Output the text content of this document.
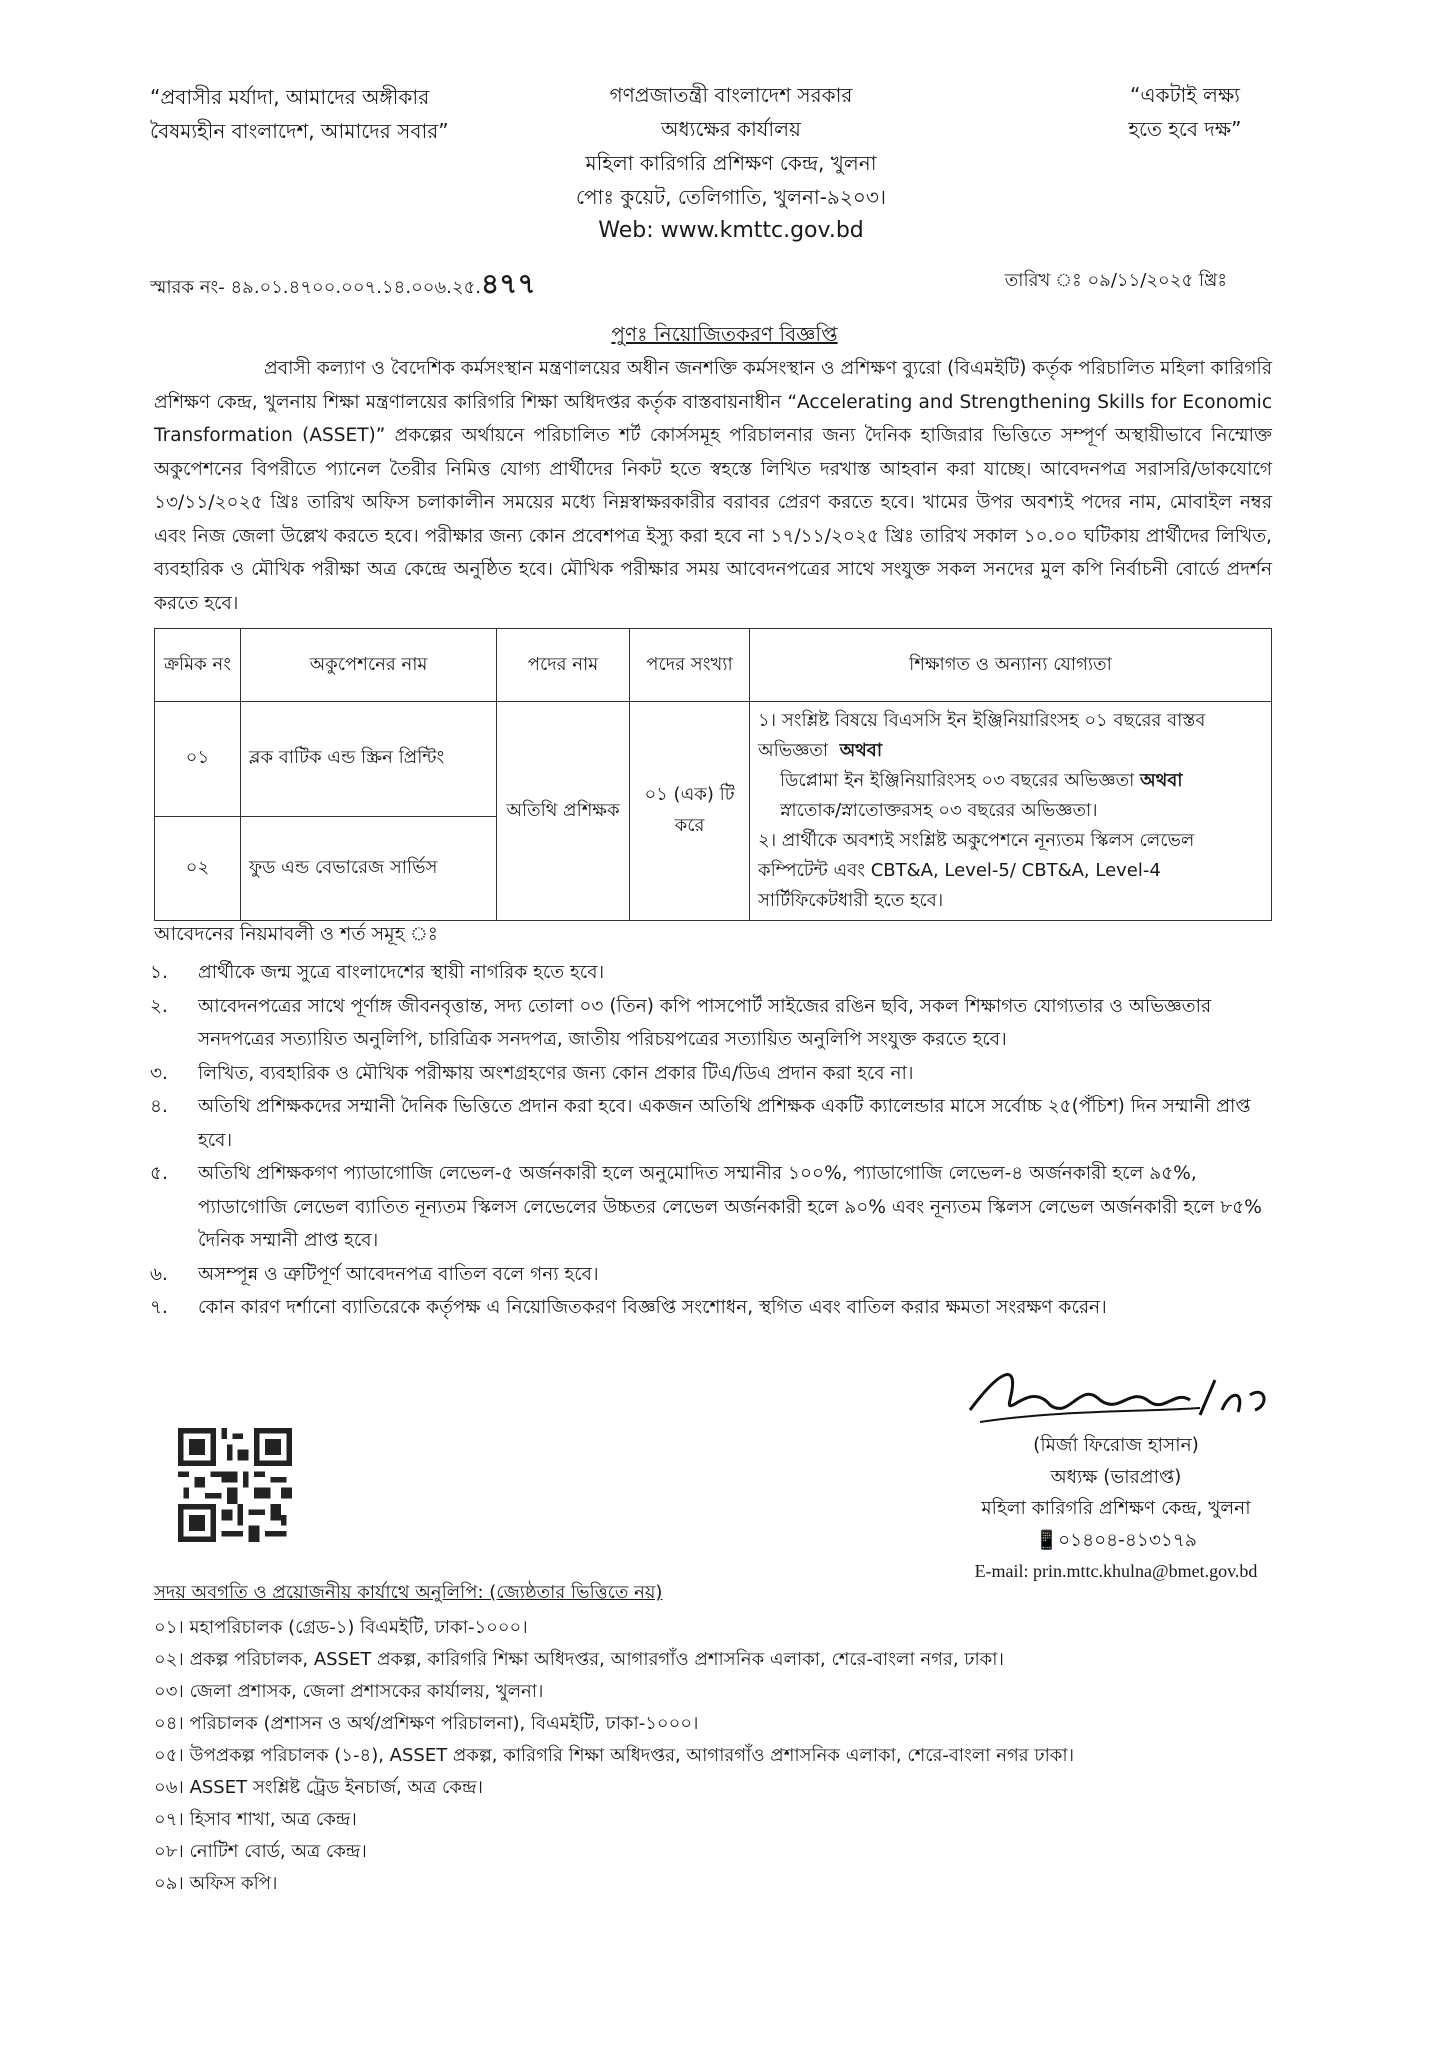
“প্রবাসীর মর্যাদা, আমাদের অঙ্গীকার
বৈষম্যহীন বাংলাদেশ, আমাদের সবার”
গণপ্রজাতন্ত্রী বাংলাদেশ সরকার
অধ্যক্ষের কার্যালয়
মহিলা কারিগরি প্রশিক্ষণ কেন্দ্র, খুলনা
পোঃ কুয়েট, তেলিগাতি, খুলনা-৯২০৩।
Web: www.kmttc.gov.bd
“একটাই লক্ষ্য
হতে হবে দক্ষ”
স্মারক নং- ৪৯.০১.৪৭০০.০০৭.১৪.০০৬.২৫.৪৭৭	তারিখ ঃ ০৯/১১/২০২৫ খ্রিঃ
পুণঃ নিয়োজিতকরণ বিজ্ঞপ্তি
প্রবাসী কল্যাণ ও বৈদেশিক কর্মসংস্থান মন্ত্রণালয়ের অধীন জনশক্তি কর্মসংস্থান ও প্রশিক্ষণ ব্যুরো (বিএমইটি) কর্তৃক পরিচালিত মহিলা কারিগরি প্রশিক্ষণ কেন্দ্র, খুলনায় শিক্ষা মন্ত্রণালয়ের কারিগরি শিক্ষা অধিদপ্তর কর্তৃক বাস্তবায়নাধীন “Accelerating and Strengthening Skills for Economic Transformation (ASSET)” প্রকল্পের অর্থায়নে পরিচালিত শর্ট কোর্সসমূহ পরিচালনার জন্য দৈনিক হাজিরার ভিত্তিতে সম্পূর্ণ অস্থায়ীভাবে নিম্মোক্ত অকুপেশনের বিপরীতে প্যানেল তৈরীর নিমিত্ত যোগ্য প্রার্থীদের নিকট হতে স্বহস্তে লিখিত দরখাস্ত আহবান করা যাচ্ছে। আবেদনপত্র সরাসরি/ডাকযোগে ১৩/১১/২০২৫ খ্রিঃ তারিখ অফিস চলাকালীন সময়ের মধ্যে নিম্নস্বাক্ষরকারীর বরাবর প্রেরণ করতে হবে। খামের উপর অবশ্যই পদের নাম, মোবাইল নম্বর এবং নিজ জেলা উল্লেখ করতে হবে। পরীক্ষার জন্য কোন প্রবেশপত্র ইস্যু করা হবে না ১৭/১১/২০২৫ খ্রিঃ তারিখ সকাল ১০.০০ ঘটিকায় প্রার্থীদের লিখিত, ব্যবহারিক ও মৌখিক পরীক্ষা অত্র কেন্দ্রে অনুষ্ঠিত হবে। মৌখিক পরীক্ষার সময় আবেদনপত্রের সাথে সংযুক্ত সকল সনদের মুল কপি নির্বাচনী বোর্ডে প্রদর্শন করতে হবে।
ক্রমিক নং	অকুপেশনের নাম	পদের নাম	পদের সংখ্যা	শিক্ষাগত ও অন্যান্য যোগ্যতা
০১	ব্লক বাটিক এন্ড স্ক্রিন প্রিন্টিং	অতিথি প্রশিক্ষক	০১ (এক) টি করে	১। সংশ্লিষ্ট বিষয়ে বিএসসি ইন ইঞ্জিনিয়ারিংসহ ০১ বছরের বাস্তব অভিজ্ঞতা অথবা
ডিপ্লোমা ইন ইঞ্জিনিয়ারিংসহ ০৩ বছরের অভিজ্ঞতা অথবা
স্নাতোক/স্নাতোক্তরসহ ০৩ বছরের অভিজ্ঞতা।
২। প্রার্থীকে অবশ্যই সংশ্লিষ্ট অকুপেশনে নূন্যতম স্কিলস লেভেল কম্পিটেন্ট এবং CBT&A, Level-5/ CBT&A, Level-4 সার্টিফিকেটধারী হতে হবে।

০২	ফুড এন্ড বেভারেজ সার্ভিস			
আবেদনের নিয়মাবলী ও শর্ত সমূহ ঃ
১.	প্রার্থীকে জন্ম সুত্রে বাংলাদেশের স্থায়ী নাগরিক হতে হবে।
২.	আবেদনপত্রের সাথে পূর্ণাঙ্গ জীবনবৃত্তান্ত, সদ্য তোলা ০৩ (তিন) কপি পাসপোর্ট সাইজের রঙিন ছবি, সকল শিক্ষাগত যোগ্যতার ও অভিজ্ঞতার সনদপত্রের সত্যায়িত অনুলিপি, চারিত্রিক সনদপত্র, জাতীয় পরিচয়পত্রের সত্যায়িত অনুলিপি সংযুক্ত করতে হবে।
৩.	লিখিত, ব্যবহারিক ও মৌখিক পরীক্ষায় অংশগ্রহণের জন্য কোন প্রকার টিএ/ডিএ প্রদান করা হবে না।
৪.	অতিথি প্রশিক্ষকদের সম্মানী দৈনিক ভিত্তিতে প্রদান করা হবে। একজন অতিথি প্রশিক্ষক একটি ক্যালেন্ডার মাসে সর্বোচ্চ ২৫(পঁচিশ) দিন সম্মানী প্রাপ্ত হবে।
৫.	অতিথি প্রশিক্ষকগণ প্যাডাগোজি লেভেল-৫ অর্জনকারী হলে অনুমোদিত সম্মানীর ১০০%, প্যাডাগোজি লেভেল-৪ অর্জনকারী হলে ৯৫%, প্যাডাগোজি লেভেল ব্যাতিত নূন্যতম স্কিলস লেভেলের উচ্চতর লেভেল অর্জনকারী হলে ৯০% এবং নূন্যতম স্কিলস লেভেল অর্জনকারী হলে ৮৫% দৈনিক সম্মানী প্রাপ্ত হবে।
৬.	অসম্পূন্ন ও ত্রুটিপূর্ণ আবেদনপত্র বাতিল বলে গন্য হবে।
৭.	কোন কারণ দর্শানো ব্যাতিরেকে কর্তৃপক্ষ এ নিয়োজিতকরণ বিজ্ঞপ্তি সংশোধন, স্থগিত এবং বাতিল করার ক্ষমতা সংরক্ষণ করেন।
(মির্জা ফিরোজ হাসান)
অধ্যক্ষ (ভারপ্রাপ্ত)
মহিলা কারিগরি প্রশিক্ষণ কেন্দ্র, খুলনা
📱০১৪০৪-৪১৩১৭৯
E-mail: prin.mttc.khulna@bmet.gov.bd
সদয় অবগতি ও প্রয়োজনীয় কার্যাথে অনুলিপি: (জ্যেষ্ঠতার ভিত্তিতে নয়)
০১। মহাপরিচালক (গ্রেড-১) বিএমইটি, ঢাকা-১০০০।
০২। প্রকল্প পরিচালক, ASSET প্রকল্প, কারিগরি শিক্ষা অধিদপ্তর, আগারগাঁও প্রশাসনিক এলাকা, শেরে-বাংলা নগর, ঢাকা।
০৩। জেলা প্রশাসক, জেলা প্রশাসকের কার্যালয়, খুলনা।
০৪। পরিচালক (প্রশাসন ও অর্থ/প্রশিক্ষণ পরিচালনা), বিএমইটি, ঢাকা-১০০০।
০৫। উপপ্রকল্প পরিচালক (১-৪), ASSET প্রকল্প, কারিগরি শিক্ষা অধিদপ্তর, আগারগাঁও প্রশাসনিক এলাকা, শেরে-বাংলা নগর ঢাকা।
০৬। ASSET সংশ্লিষ্ট ট্রেড ইনচার্জ, অত্র কেন্দ্র।
০৭। হিসাব শাখা, অত্র কেন্দ্র।
০৮। নোটিশ বোর্ড, অত্র কেন্দ্র।
০৯। অফিস কপি।
